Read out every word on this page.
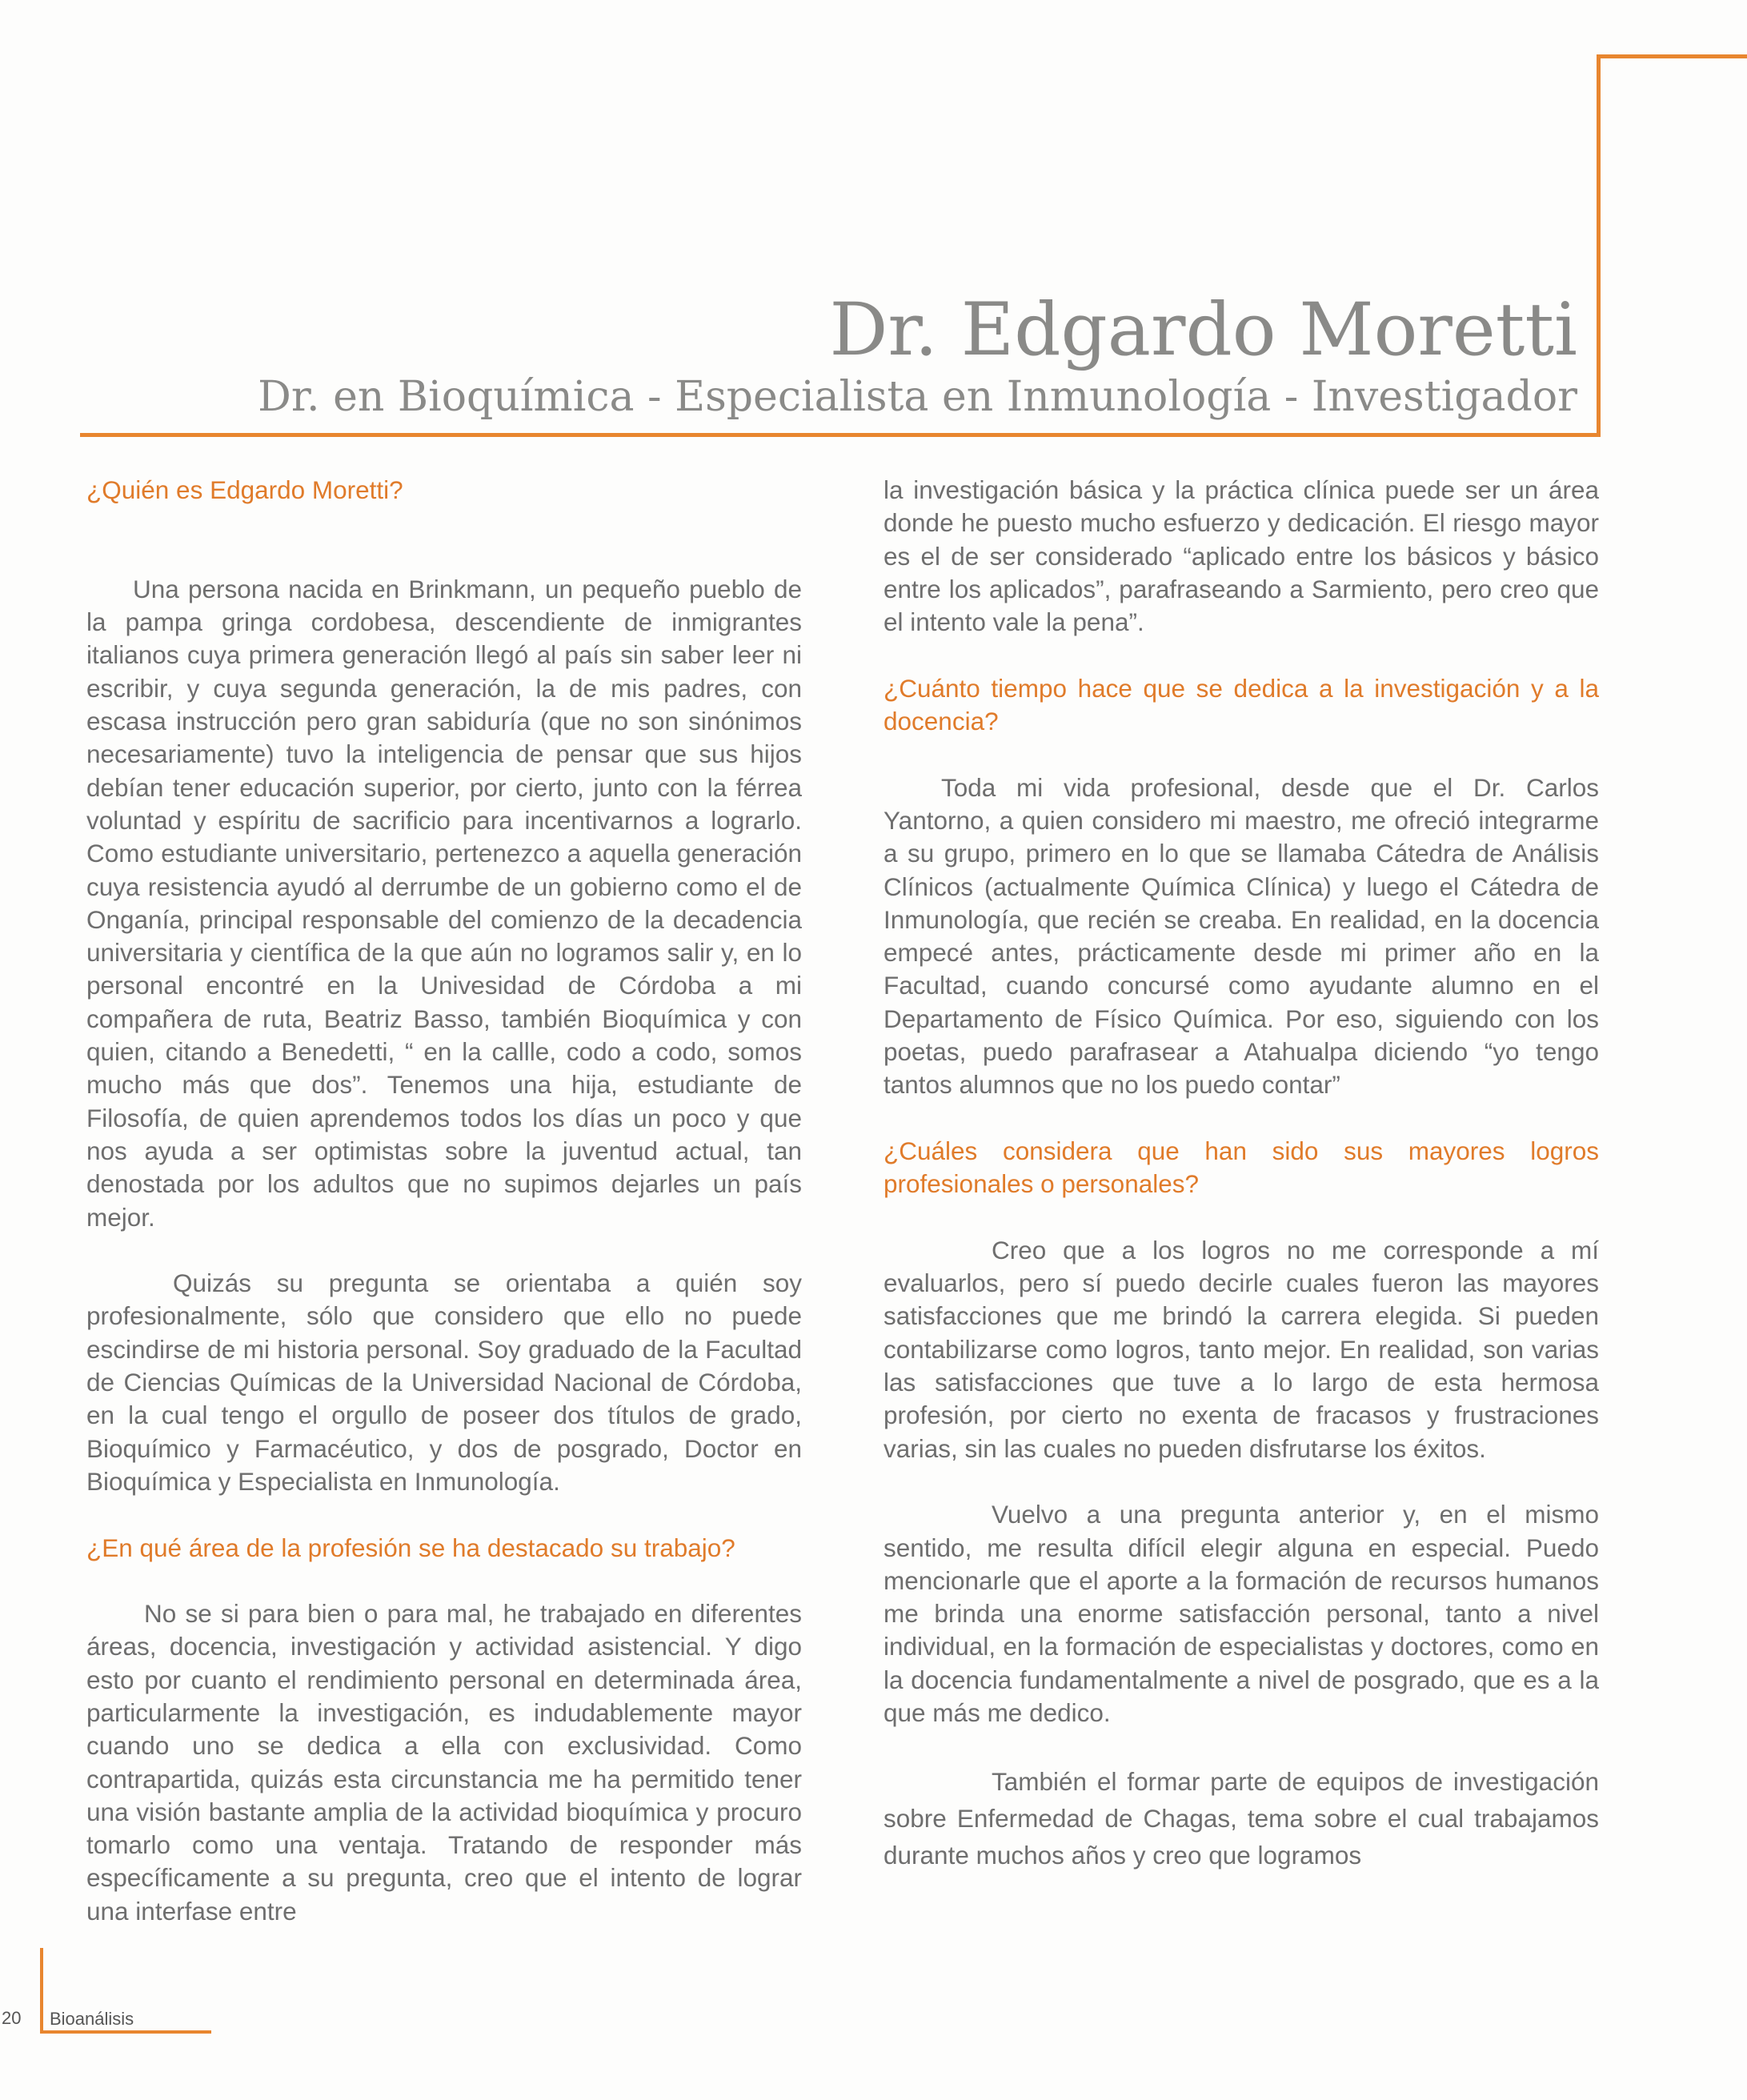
Dr. Edgardo Moretti
Dr. en Bioquímica - Especialista en Inmunología - Investigador

¿Quién es Edgardo Moretti?

Una persona nacida en Brinkmann, un pequeño pueblo de la pampa gringa cordobesa, descendiente de inmigrantes italianos cuya primera generación llegó al país sin saber leer ni escribir, y cuya segunda generación, la de mis padres, con escasa instrucción pero gran sabiduría (que no son sinónimos necesariamente) tuvo la inteligencia de pensar que sus hijos debían tener educación superior, por cierto, junto con la férrea voluntad y espíritu de sacrificio para incentivarnos a lograrlo. Como estudiante universitario, pertenezco a aquella generación cuya resistencia ayudó al derrumbe de un gobierno como el de Onganía, principal responsable del comienzo de la decadencia universitaria y científica de la que aún no logramos salir y, en lo personal encontré en la Univesidad de Córdoba a mi compañera de ruta, Beatriz Basso, también Bioquímica y con quien, citando a Benedetti, “ en la callle, codo a codo, somos mucho más que dos”. Tenemos una hija, estudiante de Filosofía, de quien aprendemos todos los días un poco y que nos ayuda a ser optimistas sobre la juventud actual, tan denostada por los adultos que no supimos dejarles un país mejor.

Quizás su pregunta se orientaba a quién soy profesionalmente, sólo que considero que ello no puede escindirse de mi historia personal. Soy graduado de la Facultad de Ciencias Químicas de la Universidad Nacional de Córdoba, en la cual tengo el orgullo de poseer dos títulos de grado, Bioquímico y Farmacéutico, y dos de posgrado, Doctor en Bioquímica y Especialista en Inmunología.

¿En qué área de la profesión se ha destacado su trabajo?

No se si para bien o para mal, he trabajado en diferentes áreas, docencia, investigación y actividad asistencial. Y digo esto por cuanto el rendimiento personal en determinada área, particularmente la investigación, es indudablemente mayor cuando uno se dedica a ella con exclusividad. Como contrapartida, quizás esta circunstancia me ha permitido tener una visión bastante amplia de la actividad bioquímica y procuro tomarlo como una ventaja. Tratando de responder más específicamente a su pregunta, creo que el intento de lograr una interfase entre

la investigación básica y la práctica clínica puede ser un área donde he puesto mucho esfuerzo y dedicación. El riesgo mayor es el de ser considerado “aplicado entre los básicos y básico entre los aplicados”, parafraseando a Sarmiento, pero creo que el intento vale la pena”.

¿Cuánto tiempo hace que se dedica a la investigación y a la docencia?

Toda mi vida profesional, desde que el Dr. Carlos Yantorno, a quien considero mi maestro, me ofreció integrarme a su grupo, primero en lo que se llamaba Cátedra de Análisis Clínicos (actualmente Química Clínica) y luego el Cátedra de Inmunología, que recién se creaba. En realidad, en la docencia empecé antes, prácticamente desde mi primer año en la Facultad, cuando concursé como ayudante alumno en el Departamento de Físico Química. Por eso, siguiendo con los poetas, puedo parafrasear a Atahualpa diciendo “yo tengo tantos alumnos que no los puedo contar”

¿Cuáles considera que han sido sus mayores logros profesionales o personales?

Creo que a los logros no me corresponde a mí evaluarlos, pero sí puedo decirle cuales fueron las mayores satisfacciones que me brindó la carrera elegida. Si pueden contabilizarse como logros, tanto mejor. En realidad, son varias las satisfacciones que tuve a lo largo de esta hermosa profesión, por cierto no exenta de fracasos y frustraciones varias, sin las cuales no pueden disfrutarse los éxitos.

Vuelvo a una pregunta anterior y, en el mismo sentido, me resulta difícil elegir alguna en especial. Puedo mencionarle que el aporte a la formación de recursos humanos me brinda una enorme satisfacción personal, tanto a nivel individual, en la formación de especialistas y doctores, como en la docencia fundamentalmente a nivel de posgrado, que es a la que más me dedico.

También el formar parte de equipos de investigación sobre Enfermedad de Chagas, tema sobre el cual trabajamos durante muchos años y creo que logramos

20 Bioanálisis
